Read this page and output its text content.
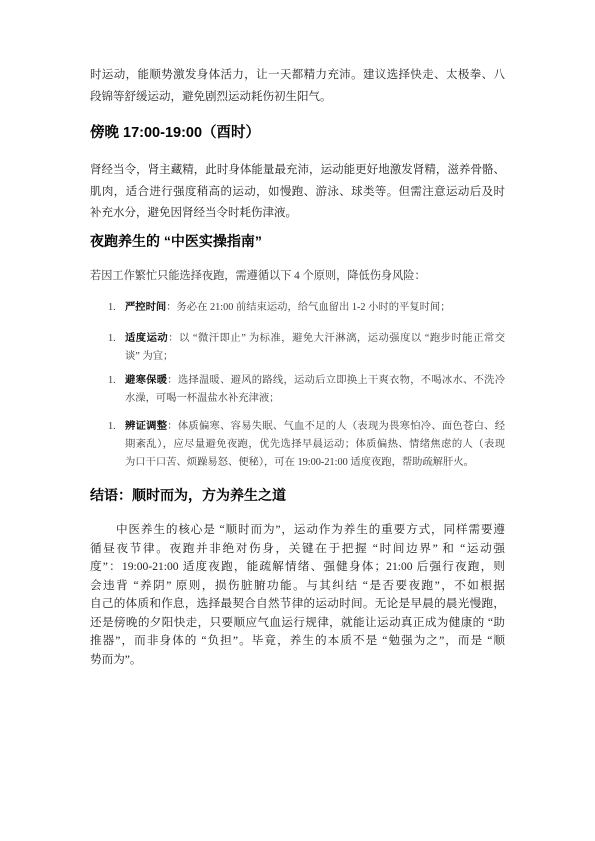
时运动，能顺势激发身体活力，让一天都精力充沛。建议选择快走、太极拳、八
段锦等舒缓运动，避免剧烈运动耗伤初生阳气。
傍晚 17:00-19:00（酉时）
肾经当令，肾主藏精，此时身体能量最充沛，运动能更好地激发肾精，滋养骨骼、
肌肉，适合进行强度稍高的运动，如慢跑、游泳、球类等。但需注意运动后及时
补充水分，避免因肾经当令时耗伤津液。
夜跑养生的 “中医实操指南”
若因工作繁忙只能选择夜跑，需遵循以下 4 个原则，降低伤身风险：
1. 严控时间：务必在 21:00 前结束运动，给气血留出 1-2 小时的平复时间；
1. 适度运动：以 “微汗即止” 为标准，避免大汗淋漓，运动强度以 “跑步时能正常交
谈” 为宜；
1. 避寒保暖：选择温暖、避风的路线，运动后立即换上干爽衣物，不喝冰水、不洗冷
水澡，可喝一杯温盐水补充津液；
1. 辨证调整：体质偏寒、容易失眠、气血不足的人（表现为畏寒怕冷、面色苍白、经
期紊乱），应尽量避免夜跑，优先选择早晨运动；体质偏热、情绪焦虑的人（表现
为口干口苦、烦躁易怒、便秘），可在 19:00-21:00 适度夜跑，帮助疏解肝火。
结语：顺时而为，方为养生之道
中医养生的核心是 “顺时而为”，运动作为养生的重要方式，同样需要遵
循昼夜节律。夜跑并非绝对伤身，关键在于把握 “时间边界” 和 “运动强
度”：19:00-21:00 适度夜跑，能疏解情绪、强健身体；21:00 后强行夜跑，则
会违背 “养阴” 原则，损伤脏腑功能。与其纠结 “是否要夜跑”，不如根据
自己的体质和作息，选择最契合自然节律的运动时间。无论是早晨的晨光慢跑，
还是傍晚的夕阳快走，只要顺应气血运行规律，就能让运动真正成为健康的 “助
推器”，而非身体的 “负担”。毕竟，养生的本质不是 “勉强为之”，而是 “顺
势而为”。
